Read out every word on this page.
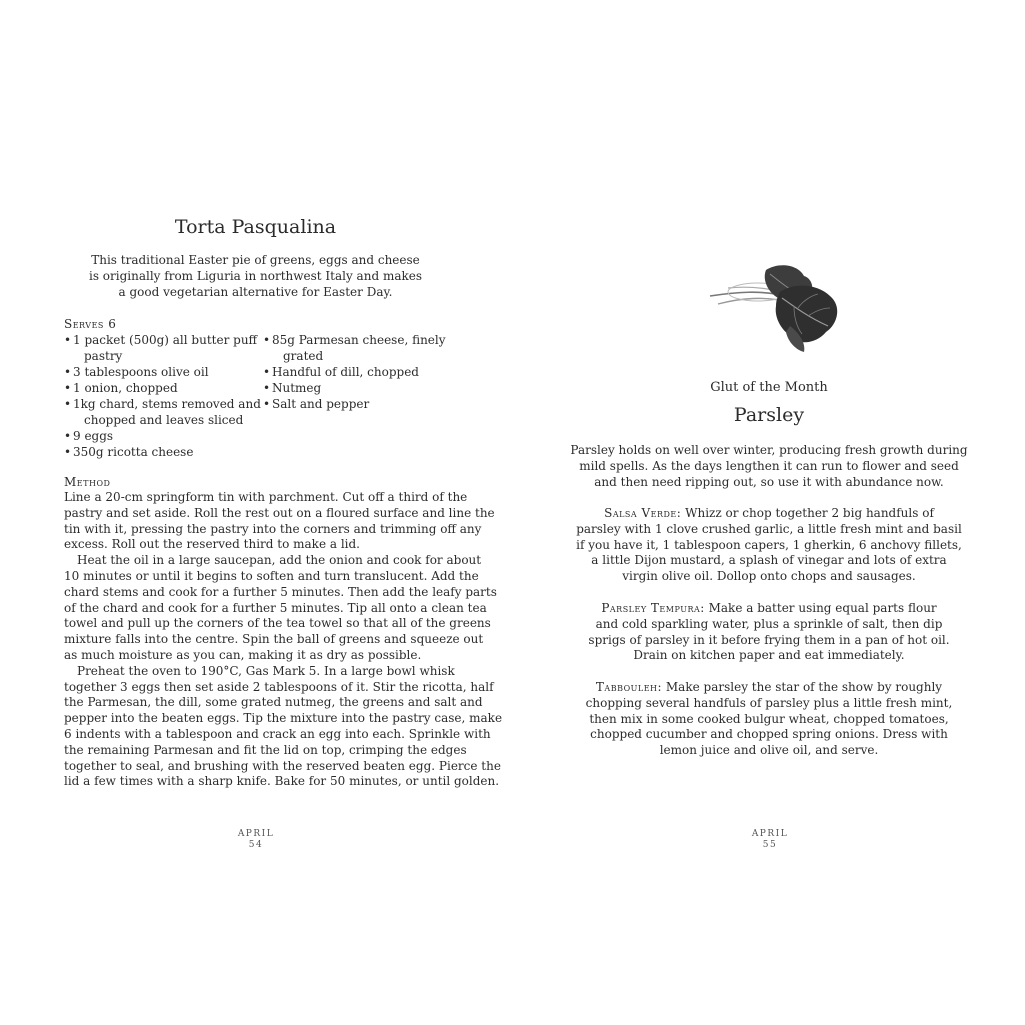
Torta Pasqualina

This traditional Easter pie of greens, eggs and cheese
is originally from Liguria in northwest Italy and makes
a good vegetarian alternative for Easter Day.

Serves 6

• 1 packet (500g) all butter puff
pastry
• 3 tablespoons olive oil
• 1 onion, chopped
• 1kg chard, stems removed and
chopped and leaves sliced
• 9 eggs
• 350g ricotta cheese
• 85g Parmesan cheese, finely
grated
• Handful of dill, chopped
• Nutmeg
• Salt and pepper

Method

Line a 20-cm springform tin with parchment. Cut off a third of the
pastry and set aside. Roll the rest out on a floured surface and line the
tin with it, pressing the pastry into the corners and trimming off any
excess. Roll out the reserved third to make a lid.
Heat the oil in a large saucepan, add the onion and cook for about
10 minutes or until it begins to soften and turn translucent. Add the
chard stems and cook for a further 5 minutes. Then add the leafy parts
of the chard and cook for a further 5 minutes. Tip all onto a clean tea
towel and pull up the corners of the tea towel so that all of the greens
mixture falls into the centre. Spin the ball of greens and squeeze out
as much moisture as you can, making it as dry as possible.
Preheat the oven to 190°C, Gas Mark 5. In a large bowl whisk
together 3 eggs then set aside 2 tablespoons of it. Stir the ricotta, half
the Parmesan, the dill, some grated nutmeg, the greens and salt and
pepper into the beaten eggs. Tip the mixture into the pastry case, make
6 indents with a tablespoon and crack an egg into each. Sprinkle with
the remaining Parmesan and fit the lid on top, crimping the edges
together to seal, and brushing with the reserved beaten egg. Pierce the
lid a few times with a sharp knife. Bake for 50 minutes, or until golden.
APRIL
54

Glut of the Month

Parsley

Parsley holds on well over winter, producing fresh growth during
mild spells. As the days lengthen it can run to flower and seed
and then need ripping out, so use it with abundance now.

Salsa Verde: Whizz or chop together 2 big handfuls of
parsley with 1 clove crushed garlic, a little fresh mint and basil
if you have it, 1 tablespoon capers, 1 gherkin, 6 anchovy fillets,
a little Dijon mustard, a splash of vinegar and lots of extra
virgin olive oil. Dollop onto chops and sausages.

Parsley Tempura: Make a batter using equal parts flour
and cold sparkling water, plus a sprinkle of salt, then dip
sprigs of parsley in it before frying them in a pan of hot oil.
Drain on kitchen paper and eat immediately.

Tabbouleh: Make parsley the star of the show by roughly
chopping several handfuls of parsley plus a little fresh mint,
then mix in some cooked bulgur wheat, chopped tomatoes,
chopped cucumber and chopped spring onions. Dress with
lemon juice and olive oil, and serve.

APRIL
55
